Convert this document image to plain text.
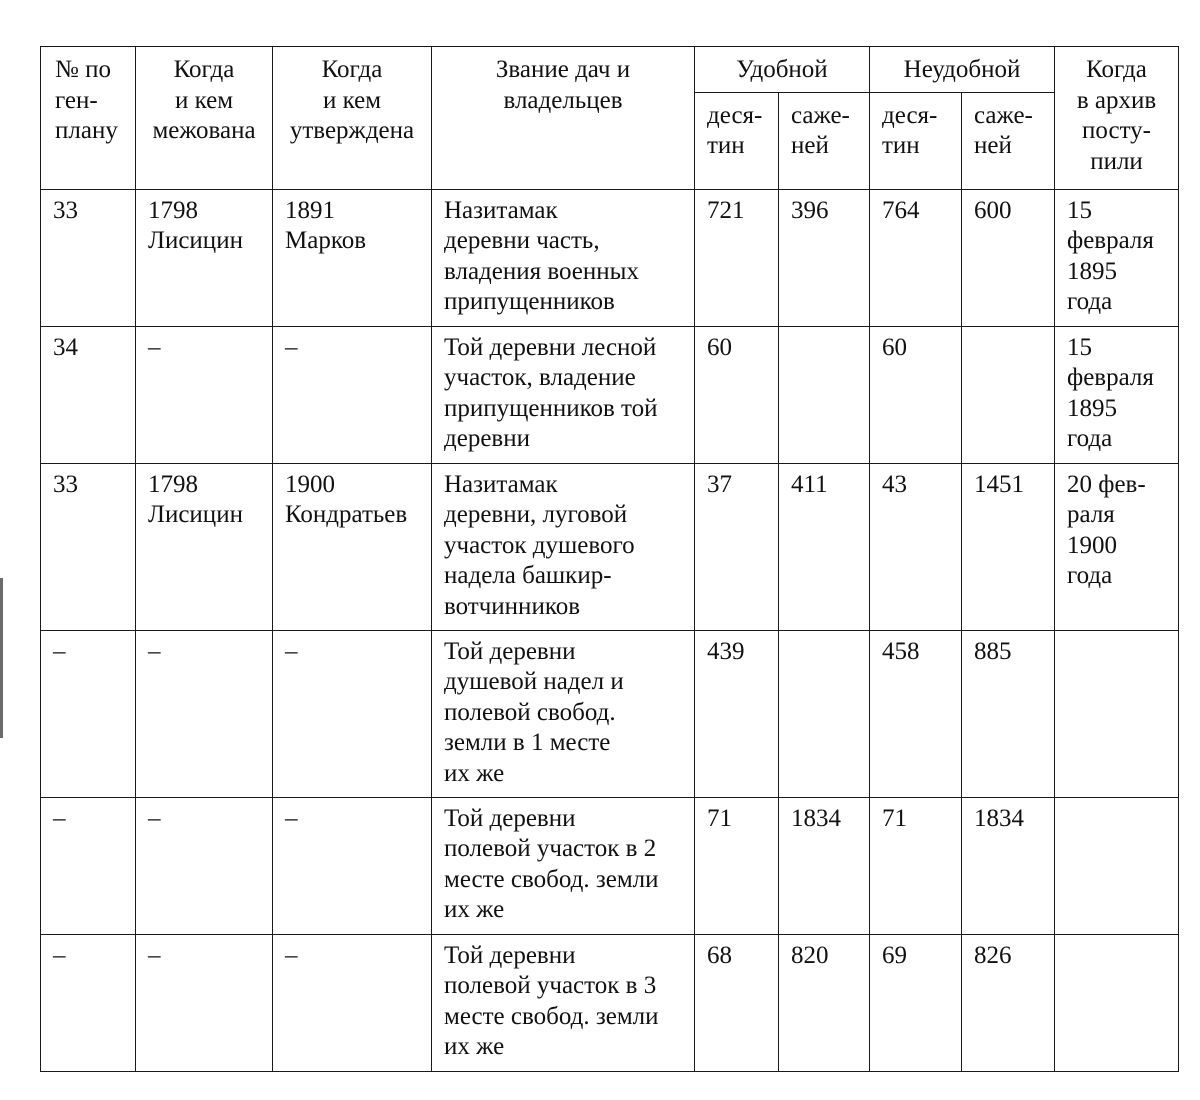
№ по
ген-
плану	Когда
и кем
межована	Когда
и кем
утверждена	Звание дач и
владельцев	Удобной		Неудобной		Когда
в архив
посту-
пили

				деся-
тин	саже-
ней	деся-
тин	саже-
ней	

33	1798
Лисицин	1891
Марков	Назитамак
деревни часть,
владения военных
припущенников	721	396	764	600	15
февраля
1895
года

34	–	–	Той деревни лесной
участок, владение
припущенников той
деревни	60		60		15
февраля
1895
года

33	1798
Лисицин	1900
Кондратьев	Назитамак
деревни, луговой
участок душевого
надела башкир-
вотчинников	37	411	43	1451	20 фев-
раля
1900
года

–	–	–	Той деревни
душевой надел и
полевой свобод.
земли в 1 месте
их же	439		458	885	

–	–	–	Той деревни
полевой участок в 2
месте свобод. земли
их же	71	1834	71	1834	

–	–	–	Той деревни
полевой участок в 3
месте свобод. земли
их же	68	820	69	826	
